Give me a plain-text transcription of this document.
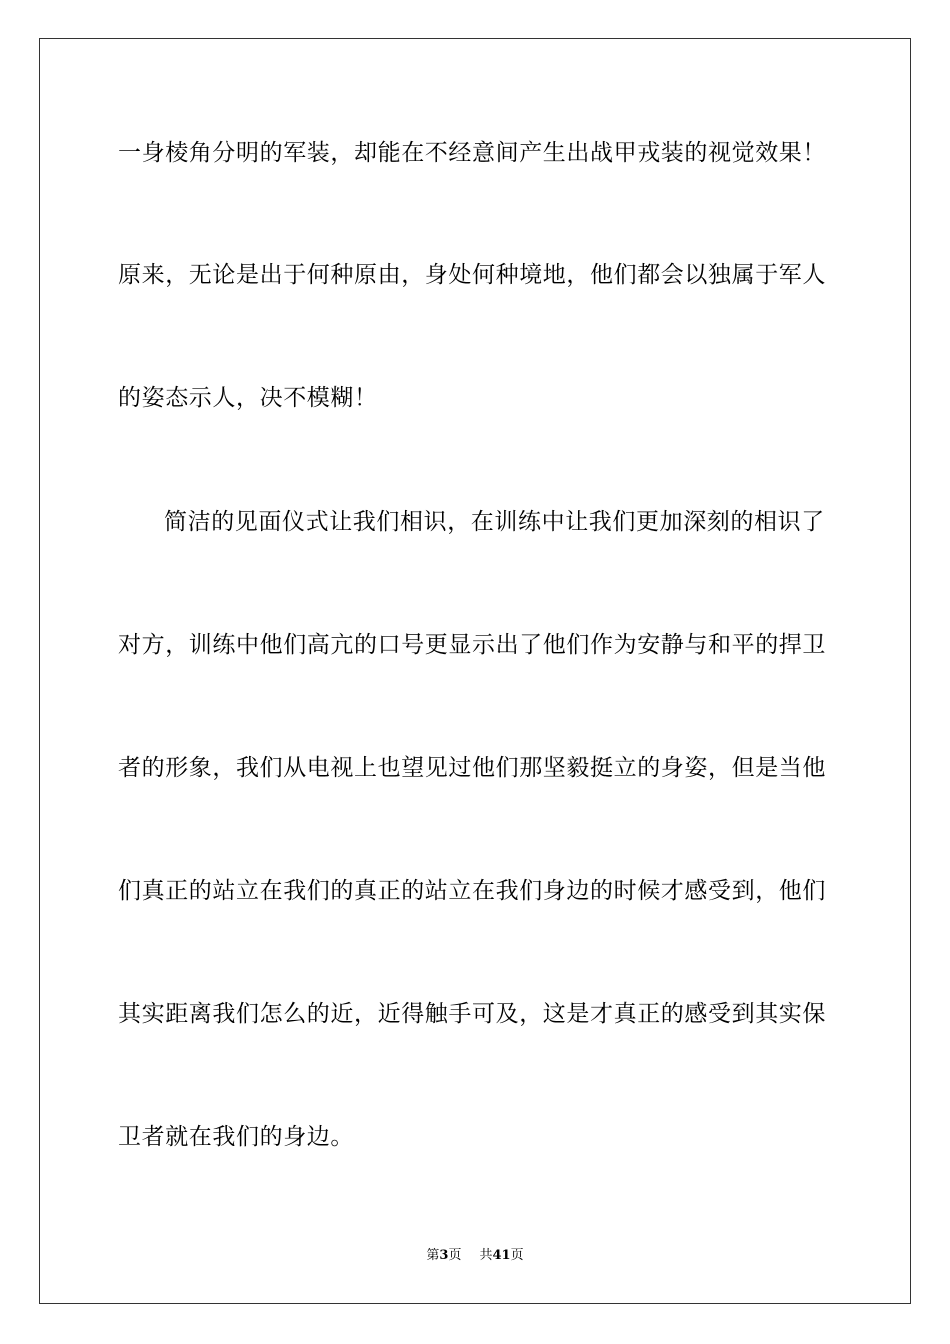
一身棱角分明的军装，却能在不经意间产生出战甲戎装的视觉效果！
原来，无论是出于何种原由，身处何种境地，他们都会以独属于军人
的姿态示人，决不模糊！
简洁的见面仪式让我们相识，在训练中让我们更加深刻的相识了
对方，训练中他们高亢的口号更显示出了他们作为安静与和平的捍卫
者的形象，我们从电视上也望见过他们那坚毅挺立的身姿，但是当他
们真正的站立在我们的真正的站立在我们身边的时候才感受到，他们
其实距离我们怎么的近，近得触手可及，这是才真正的感受到其实保
卫者就在我们的身边。
第3页 共41页
